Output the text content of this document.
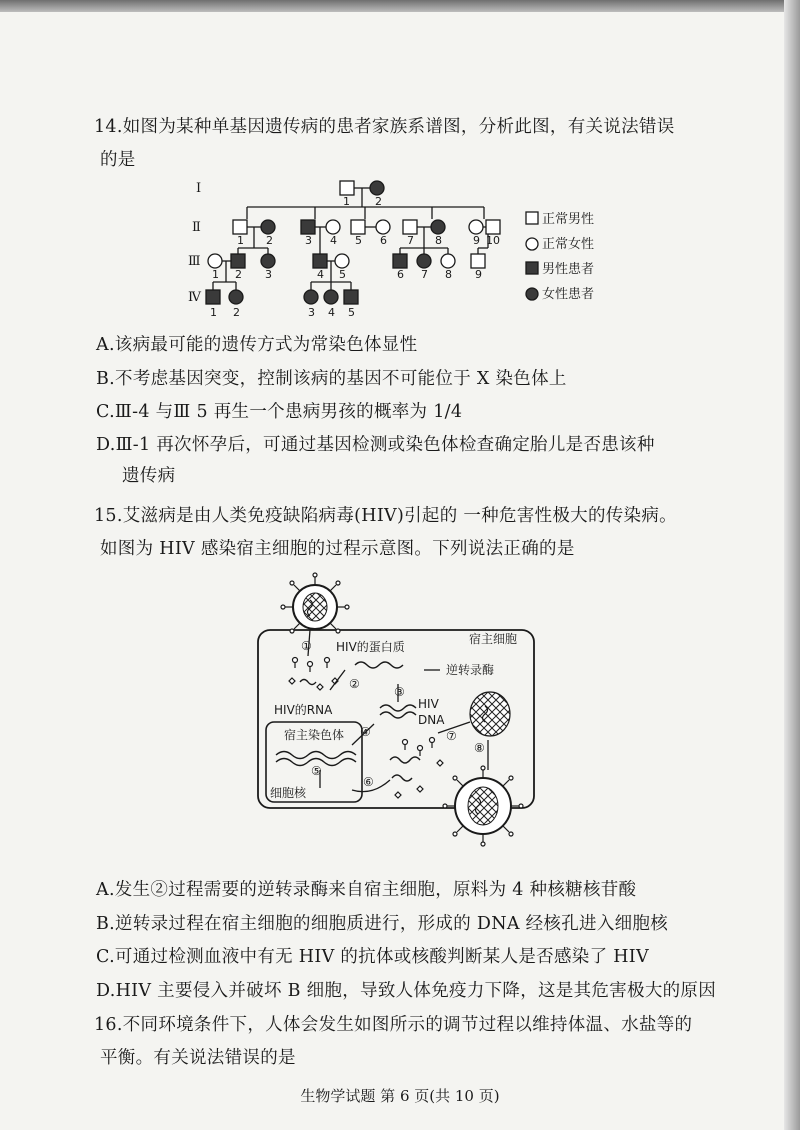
14.如图为某种单基因遗传病的患者家族系谱图，分析此图，有关说法错误
的是
Ⅰ
Ⅱ
Ⅲ
Ⅳ
1 2
1 2	3 4 5 6 7 8	9 10
1 2 3	4 5	6 7 8 9
1 2	3 4 5
正常男性
正常女性
男性患者
女性患者
A.该病最可能的遗传方式为常染色体显性
B.不考虑基因突变，控制该病的基因不可能位于 X 染色体上
C.Ⅲ-4 与Ⅲ 5 再生一个患病男孩的概率为 1/4
D.Ⅲ-1 再次怀孕后，可通过基因检测或染色体检查确定胎儿是否患该种
遗传病
15.艾滋病是由人类免疫缺陷病毒(HIV)引起的 一种危害性极大的传染病。
如图为 HIV 感染宿主细胞的过程示意图。下列说法正确的是
宿主细胞
HIV的蛋白质
逆转录酶
HIV的RNA	HIV
DNA
宿主染色体
细胞核
①
②
③
④
⑤
⑥
⑦
⑧
A.发生②过程需要的逆转录酶来自宿主细胞，原料为 4 种核糖核苷酸
B.逆转录过程在宿主细胞的细胞质进行，形成的 DNA 经核孔进入细胞核
C.可通过检测血液中有无 HIV 的抗体或核酸判断某人是否感染了 HIV
D.HIV 主要侵入并破坏 B 细胞，导致人体免疫力下降，这是其危害极大的原因
16.不同环境条件下，人体会发生如图所示的调节过程以维持体温、水盐等的
平衡。有关说法错误的是
生物学试题 第 6 页(共 10 页)
